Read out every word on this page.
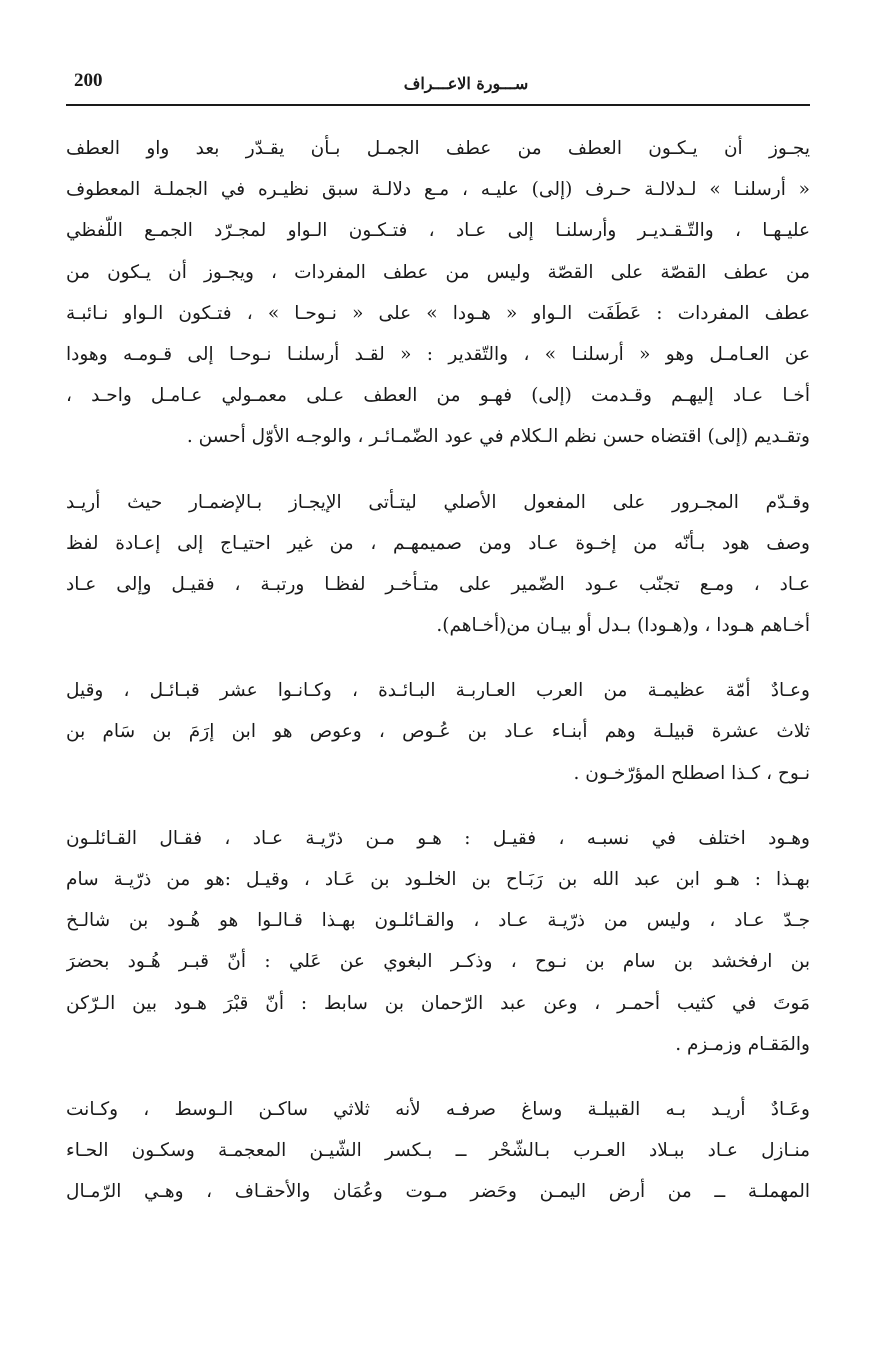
200	ســـورة الاعـــراف
يجـوز أن يـكـون العطف من عطف الجمـل بـأن يقـدّر بعد واو العطف
« أرسلنـا » لـدلالـة حـرف (إلى) عليـه ، مـع دلالـة سبق نظيـره في الجملـة المعطوف
عليـهـا ، والتّـقـديـر وأرسلنـا إلى عـاد ، فتـكـون الـواو لمجـرّد الجمـع اللّفظي
من عطف القصّة على القصّة وليس من عطف المفردات ، ويجـوز أن يـكون من
عطف المفردات : عَطَفَت الـواو « هـودا » على « نـوحـا » ، فتـكون الـواو نـائبـة
عن العـامـل وهو « أرسلنـا » ، والتّقدير : « لقـد أرسلنـا نـوحـا إلى قـومـه وهودا
أخـا عـاد إليهـم وقـدمت (إلى) فهـو من العطف عـلى معمـولي عـامـل واحـد ،
وتقـديم (إلى) اقتضاه حسن نظم الـكلام في عود الضّمـائـر ، والوجـه الأوّل أحسن .
وقـدّم المجـرور على المفعول الأصلي ليتـأتى الإيجـاز بـالإضمـار حيث أريـد
وصف هود بـأنّه من إخـوة عـاد ومن صميمهـم ، من غير احتيـاج إلى إعـادة لفظ
عـاد ، ومـع تجنّب عـود الضّمير على متـأخـر لفظـا ورتبـة ، فقيـل وإلى عـاد
أخـاهم هـودا ، و(هـودا) بـدل أو بيـان من(أخـاهم).
وعـادٌ أمّة عظيمـة من العرب العـاربـة البـائـدة ، وكـانـوا عشر قبـائـل ، وقيل
ثلاث عشرة قبيلـة وهم أبنـاء عـاد بن عُـوص ، وعوص هو ابن إرَمَ بن سَام بن
نـوح ، كـذا اصطلح المؤرّخـون .
وهـود اختلف في نسبـه ، فقيـل : هـو مـن ذرّيـة عـاد ، فقـال القـائلـون
بهـذا : هـو ابن عبد الله بن رَبَـاح بن الخلـود بن عَـاد ، وقيـل :هو من ذرّيـة سام
جـدّ عـاد ، وليس من ذرّيـة عـاد ، والقـائلـون بهـذا قـالـوا هو هُـود بن شالـخ
بن ارفخشد بن سام بن نـوح ، وذكـر البغوي عن عَلي : أنّ قبـر هُـود بحضرَ
مَوتَ في كثيب أحمـر ، وعن عبد الرّحمان بن سابط : أنّ قبْرَ هـود بين الـرّكن
والمَقـام وزمـزم .
وعَـادٌ أريـد بـه القبيلـة وساغ صرفـه لأنه ثلاثي ساكـن الـوسط ، وكـانت
منـازل عـاد ببـلاد العـرب بـالشّحْر ــ بـكسر الشّيـن المعجمـة وسكـون الحـاء
المهملـة ــ من أرض اليمـن وحَضر مـوت وعُمَان والأحقـاف ، وهـي الرّمـال
